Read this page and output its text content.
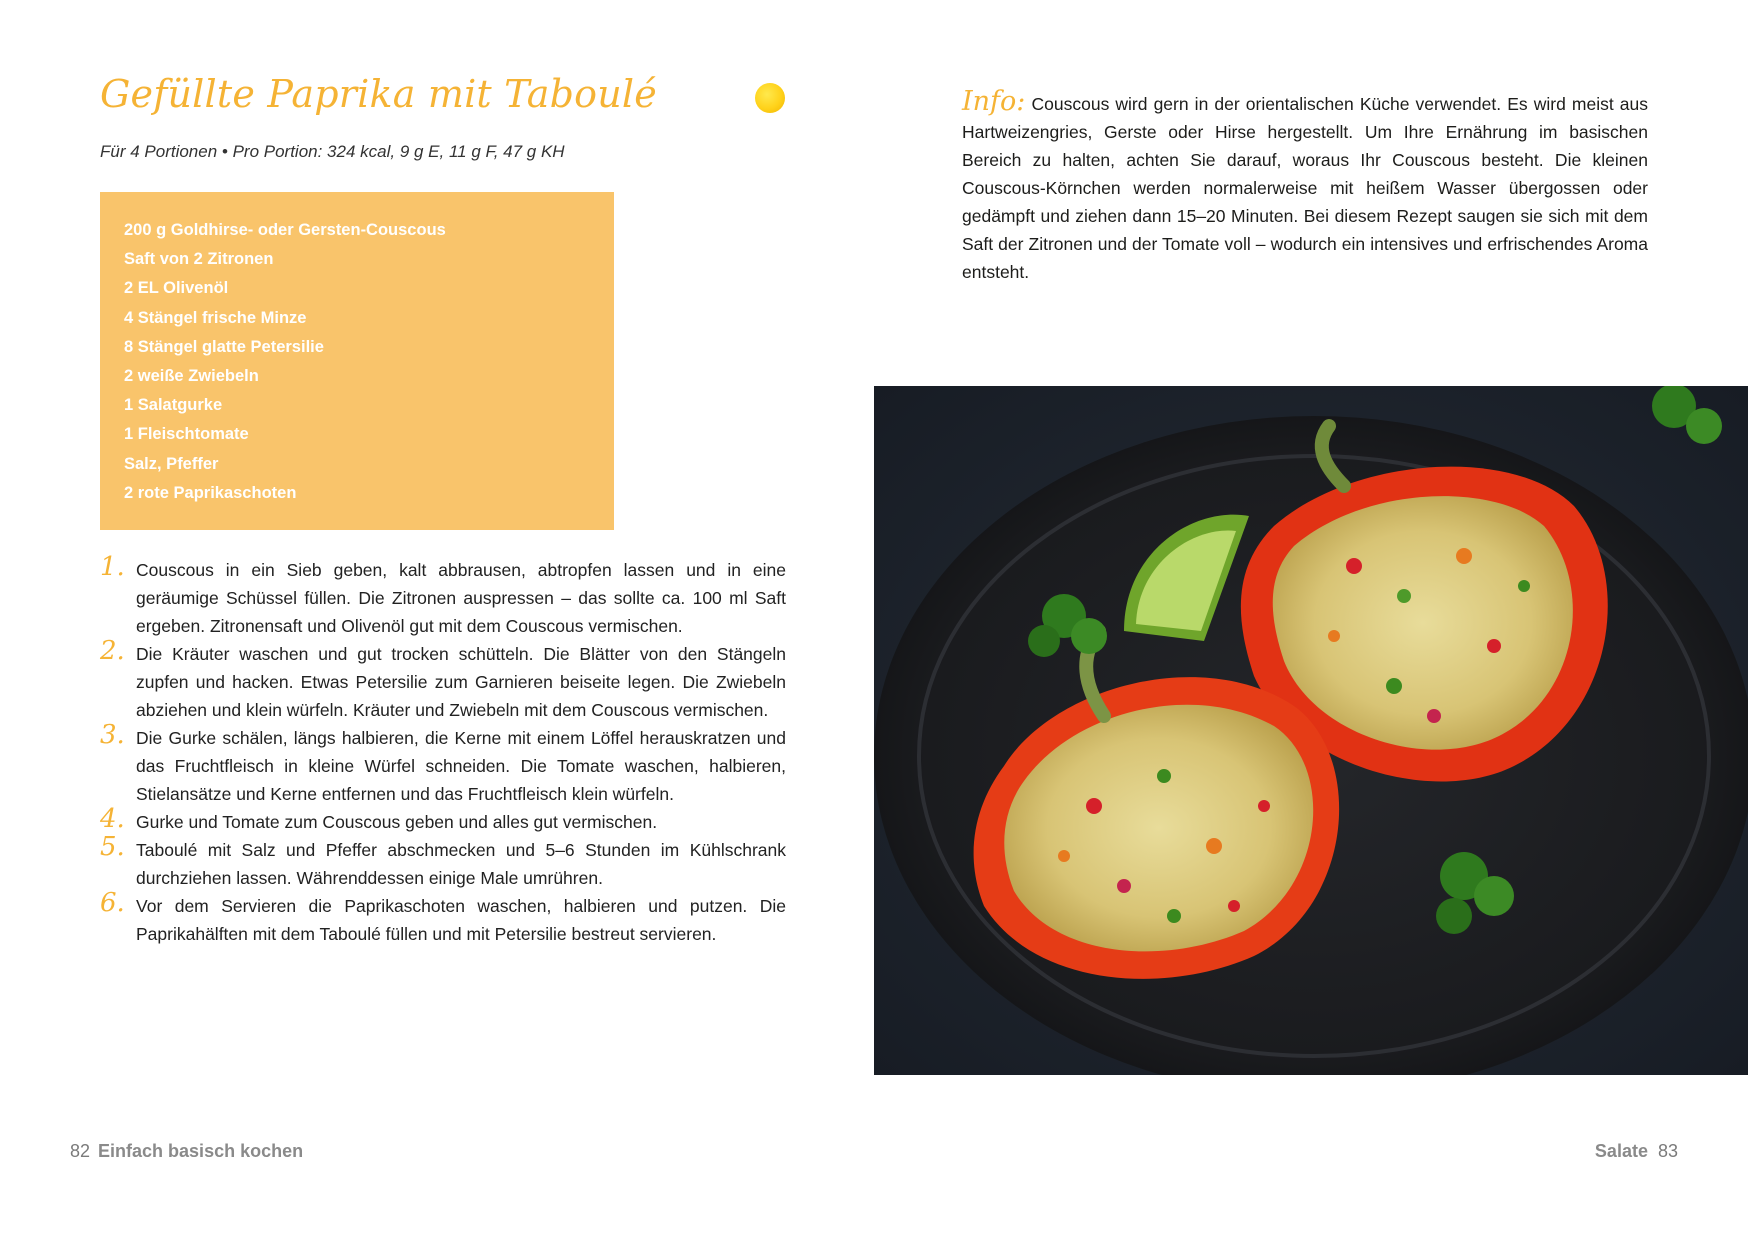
Gefüllte Paprika mit Taboulé
Für 4 Portionen • Pro Portion: 324 kcal, 9 g E, 11 g F, 47 g KH
200 g Goldhirse- oder Gersten-Couscous
Saft von 2 Zitronen
2 EL Olivenöl
4 Stängel frische Minze
8 Stängel glatte Petersilie
2 weiße Zwiebeln
1 Salatgurke
1 Fleischtomate
Salz, Pfeffer
2 rote Paprikaschoten
1. Couscous in ein Sieb geben, kalt abbrausen, abtropfen lassen und in eine geräumige Schüssel füllen. Die Zitronen auspressen – das sollte ca. 100 ml Saft ergeben. Zitronensaft und Olivenöl gut mit dem Couscous vermischen.
2. Die Kräuter waschen und gut trocken schütteln. Die Blätter von den Stängeln zupfen und hacken. Etwas Petersilie zum Garnieren beiseite legen. Die Zwiebeln abziehen und klein würfeln. Kräuter und Zwiebeln mit dem Couscous vermischen.
3. Die Gurke schälen, längs halbieren, die Kerne mit einem Löffel herauskratzen und das Fruchtfleisch in kleine Würfel schneiden. Die Tomate waschen, halbieren, Stielansätze und Kerne entfernen und das Fruchtfleisch klein würfeln.
4. Gurke und Tomate zum Couscous geben und alles gut vermischen.
5. Taboulé mit Salz und Pfeffer abschmecken und 5–6 Stunden im Kühlschrank durchziehen lassen. Währenddessen einige Male umrühren.
6. Vor dem Servieren die Paprikaschoten waschen, halbieren und putzen. Die Paprikahälften mit dem Taboulé füllen und mit Petersilie bestreut servieren.
82 Einfach basisch kochen
Info: Couscous wird gern in der orientalischen Küche verwendet. Es wird meist aus Hartweizengries, Gerste oder Hirse hergestellt. Um Ihre Ernährung im basischen Bereich zu halten, achten Sie darauf, woraus Ihr Couscous besteht. Die kleinen Couscous-Körnchen werden normalerweise mit heißem Wasser übergossen oder gedämpft und ziehen dann 15–20 Minuten. Bei diesem Rezept saugen sie sich mit dem Saft der Zitronen und der Tomate voll – wodurch ein intensives und erfrischendes Aroma entsteht.
Salate 83
